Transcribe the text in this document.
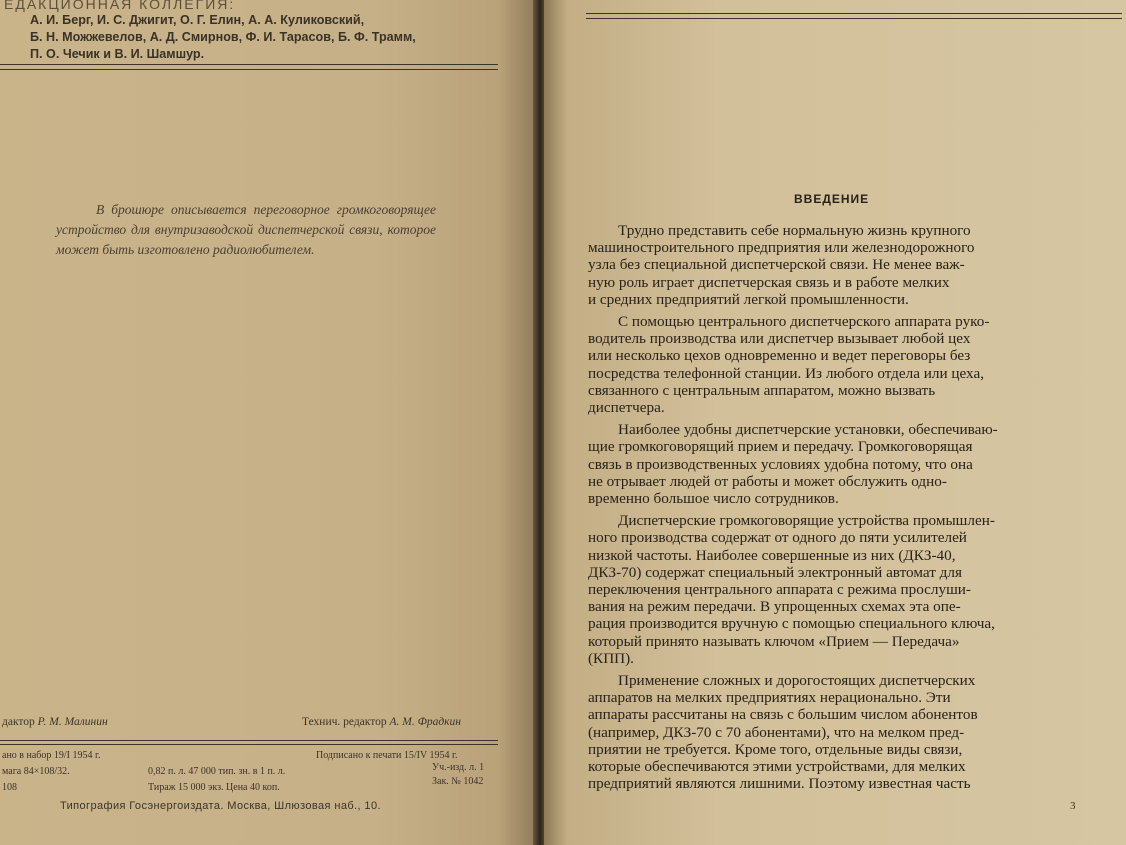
ЕДАКЦИОННАЯ КОЛЛЕГИЯ:
А. И. Берг, И. С. Джигит, О. Г. Елин, А. А. Куликовский,
Б. Н. Можжевелов, А. Д. Смирнов, Ф. И. Тарасов, Б. Ф. Трамм,
П. О. Чечик и В. И. Шамшур.
В брошюре описывается переговорное громкоговорящее устройство для внутризаводской диспетчерской связи, которое может быть изготовлено радиолюбителем.
дактор Р. М. Малинин	Технич. редактор А. М. Фрадкин
ано в набор 19/I 1954 г.	Подписано к печати 15/IV 1954 г.
мага 84×108/32.	0,82 п. л. 47 000 тип. зн. в 1 п. л.	Уч.-изд. л. 1
108	Тираж 15 000 экз. Цена 40 коп.
Зак. № 1042
Типография Госэнергоиздата. Москва, Шлюзовая наб., 10.
ВВЕДЕНИЕ
Трудно представить себе нормальную жизнь крупного
машиностроительного предприятия или железнодорожного
узла без специальной диспетчерской связи. Не менее важ-
ную роль играет диспетчерская связь и в работе мелких
и средних предприятий легкой промышленности.
С помощью центрального диспетчерского аппарата руко-
водитель производства или диспетчер вызывает любой цех
или несколько цехов одновременно и ведет переговоры без
посредства телефонной станции. Из любого отдела или цеха,
связанного с центральным аппаратом, можно вызвать
диспетчера.
Наиболее удобны диспетчерские установки, обеспечиваю-
щие громкоговорящий прием и передачу. Громкоговорящая
связь в производственных условиях удобна потому, что она
не отрывает людей от работы и может обслужить одно-
временно большое число сотрудников.
Диспетчерские громкоговорящие устройства промышлен-
ного производства содержат от одного до пяти усилителей
низкой частоты. Наиболее совершенные из них (ДКЗ-40,
ДКЗ-70) содержат специальный электронный автомат для
переключения центрального аппарата с режима прослуши-
вания на режим передачи. В упрощенных схемах эта опе-
рация производится вручную с помощью специального ключа,
который принято называть ключом «Прием — Передача»
(КПП).
Применение сложных и дорогостоящих диспетчерских
аппаратов на мелких предприятиях нерационально. Эти
аппараты рассчитаны на связь с большим числом абонентов
(например, ДКЗ-70 с 70 абонентами), что на мелком пред-
приятии не требуется. Кроме того, отдельные виды связи,
которые обеспечиваются этими устройствами, для мелких
предприятий являются лишними. Поэтому известная часть
3
